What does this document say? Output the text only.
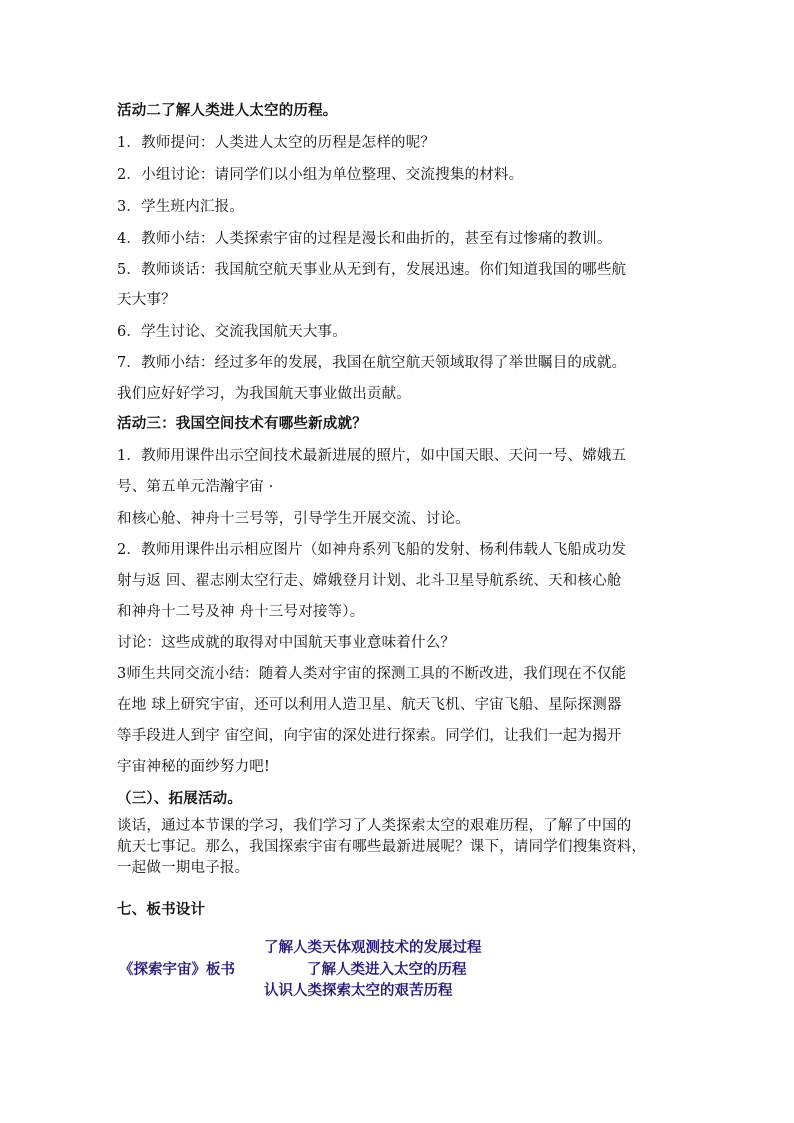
活动二了解人类进人太空的历程。
1．教师提问：人类进人太空的历程是怎样的呢？
2．小组讨论：请同学们以小组为单位整理、交流搜集的材料。
3．学生班内汇报。
4．教师小结：人类探索宇宙的过程是漫长和曲折的，甚至有过惨痛的教训。
5．教师谈话：我国航空航天事业从无到有，发展迅速。你们知道我国的哪些航
天大事？
6．学生讨论、交流我国航天大事。
7．教师小结：经过多年的发展，我国在航空航天领域取得了举世瞩目的成就。
我们应好好学习，为我国航天事业做出贡献。
活动三：我国空间技术有哪些新成就？
1．教师用课件出示空间技术最新进展的照片，如中国天眼、天问一号、嫦娥五
号、第五单元浩瀚宇宙 ·
和核心舱、神舟十三号等，引导学生开展交流、讨论。
2．教师用课件出示相应图片（如神舟系列飞船的发射、杨利伟载人飞船成功发
射与返 回、翟志刚太空行走、嫦娥登月计划、北斗卫星导航系统、天和核心舱
和神舟十二号及神 舟十三号对接等）。
讨论：这些成就的取得对中国航天事业意味着什么？
3师生共同交流小结：随着人类对宇宙的探测工具的不断改进，我们现在不仅能
在地 球上研究宇宙，还可以利用人造卫星、航天飞机、宇宙飞船、星际探测器
等手段进人到宇 宙空间，向宇宙的深处进行探索。同学们，让我们一起为揭开
宇宙神秘的面纱努力吧!
（三）、拓展活动。
谈话，通过本节课的学习，我们学习了人类探索太空的艰难历程，了解了中国的
航天七事记。那么，我国探索宇宙有哪些最新进展呢？课下，请同学们搜集资料，
一起做一期电子报。
七、板书设计
了解人类天体观测技术的发展过程
《探索宇宙》板书	了解人类进入太空的历程
认识人类探索太空的艰苦历程
